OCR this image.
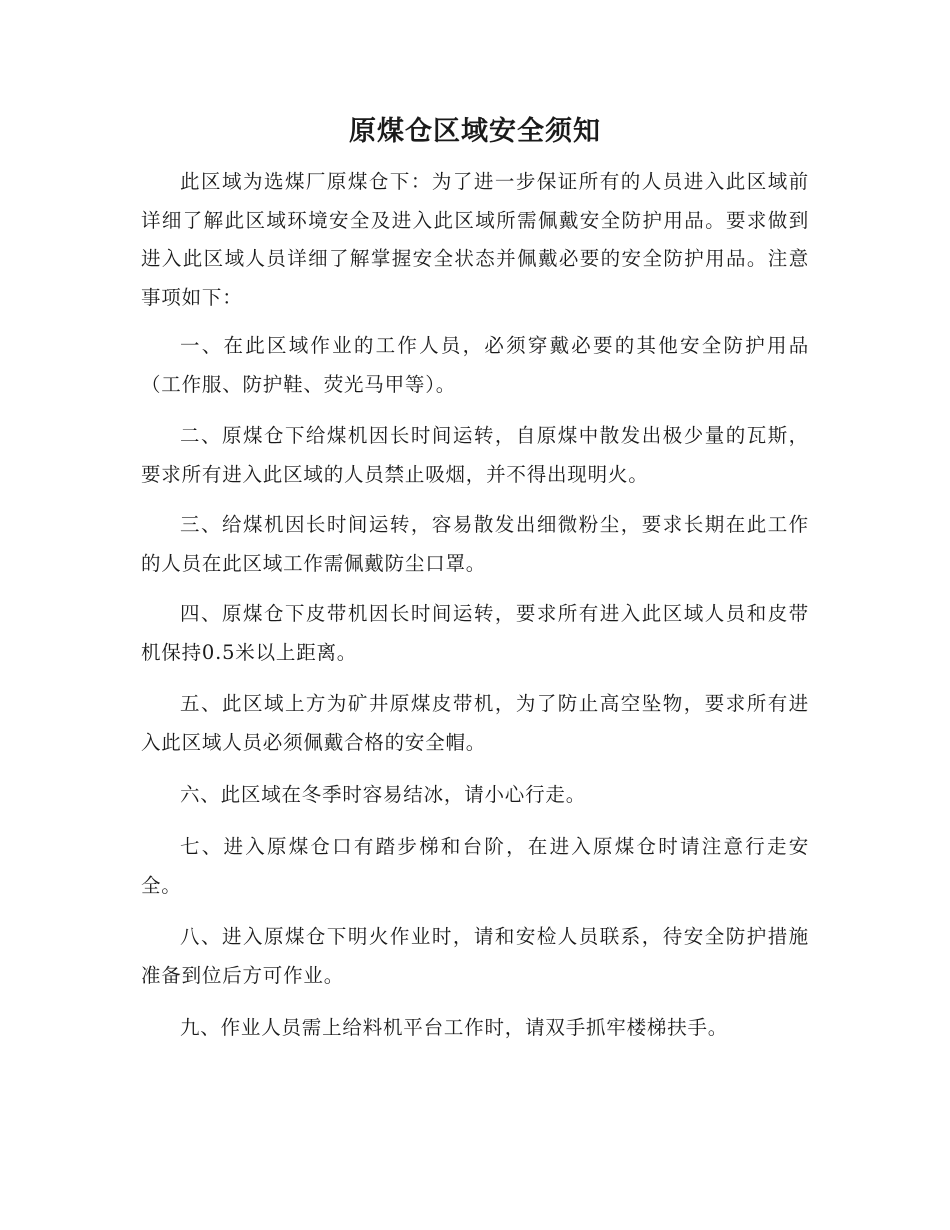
原煤仓区域安全须知

此区域为选煤厂原煤仓下：为了进一步保证所有的人员进入此区域前详细了解此区域环境安全及进入此区域所需佩戴安全防护用品。要求做到进入此区域人员详细了解掌握安全状态并佩戴必要的安全防护用品。注意事项如下：

一、在此区域作业的工作人员，必须穿戴必要的其他安全防护用品（工作服、防护鞋、荧光马甲等）。

二、原煤仓下给煤机因长时间运转，自原煤中散发出极少量的瓦斯，要求所有进入此区域的人员禁止吸烟，并不得出现明火。

三、给煤机因长时间运转，容易散发出细微粉尘，要求长期在此工作的人员在此区域工作需佩戴防尘口罩。

四、原煤仓下皮带机因长时间运转，要求所有进入此区域人员和皮带机保持0.5米以上距离。

五、此区域上方为矿井原煤皮带机，为了防止高空坠物，要求所有进入此区域人员必须佩戴合格的安全帽。

六、此区域在冬季时容易结冰，请小心行走。

七、进入原煤仓口有踏步梯和台阶，在进入原煤仓时请注意行走安全。

八、进入原煤仓下明火作业时，请和安检人员联系，待安全防护措施准备到位后方可作业。

九、作业人员需上给料机平台工作时，请双手抓牢楼梯扶手。
